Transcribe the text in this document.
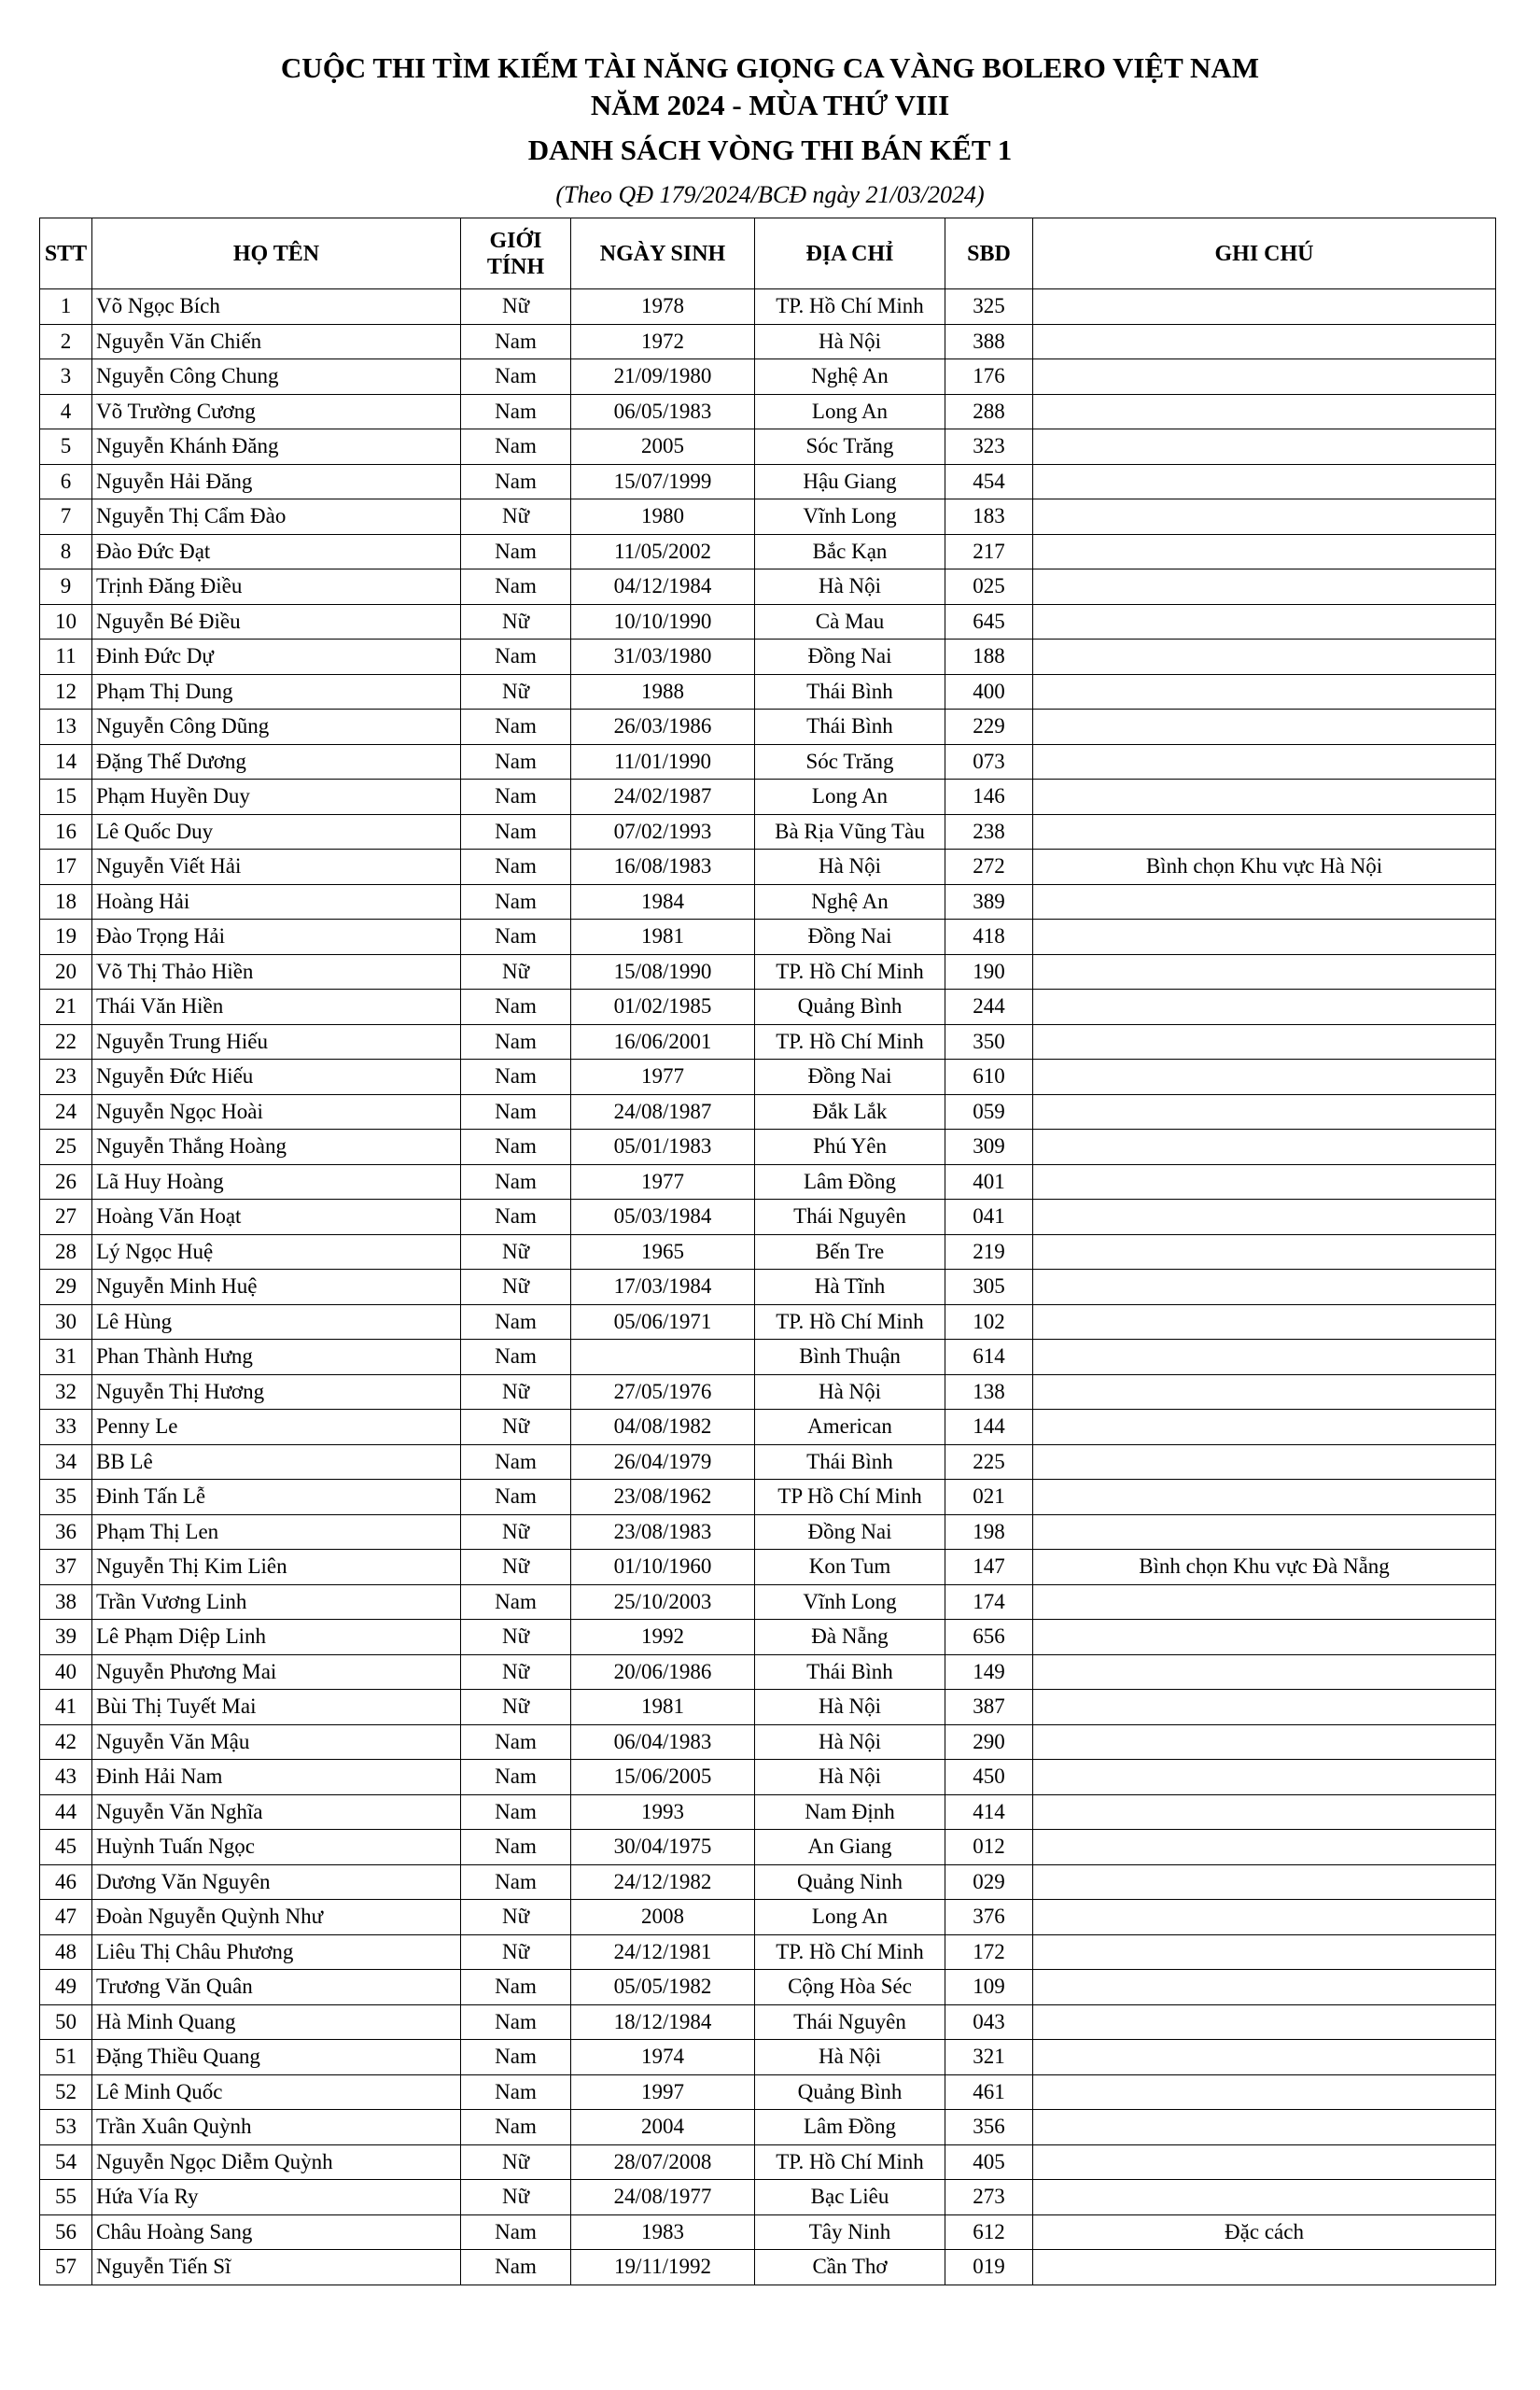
CUỘC THI TÌM KIẾM TÀI NĂNG GIỌNG CA VÀNG BOLERO VIỆT NAM
NĂM 2024 - MÙA THỨ VIII
DANH SÁCH VÒNG THI BÁN KẾT 1
(Theo QĐ 179/2024/BCĐ ngày 21/03/2024)
STT	HỌ TÊN	GIỚI TÍNH	NGÀY SINH	ĐỊA CHỈ	SBD	GHI CHÚ
1	Võ Ngọc Bích	Nữ	1978	TP. Hồ Chí Minh	325	
2	Nguyễn Văn Chiến	Nam	1972	Hà Nội	388	
3	Nguyễn Công Chung	Nam	21/09/1980	Nghệ An	176	
4	Võ Trường Cương	Nam	06/05/1983	Long An	288	
5	Nguyễn Khánh Đăng	Nam	2005	Sóc Trăng	323	
6	Nguyễn Hải Đăng	Nam	15/07/1999	Hậu Giang	454	
7	Nguyễn Thị Cẩm Đào	Nữ	1980	Vĩnh Long	183	
8	Đào Đức Đạt	Nam	11/05/2002	Bắc Kạn	217	
9	Trịnh Đăng Điều	Nam	04/12/1984	Hà Nội	025	
10	Nguyễn Bé Điều	Nữ	10/10/1990	Cà Mau	645	
11	Đinh Đức Dự	Nam	31/03/1980	Đồng Nai	188	
12	Phạm Thị Dung	Nữ	1988	Thái Bình	400	
13	Nguyễn Công Dũng	Nam	26/03/1986	Thái Bình	229	
14	Đặng Thế Dương	Nam	11/01/1990	Sóc Trăng	073	
15	Phạm Huyền Duy	Nam	24/02/1987	Long An	146	
16	Lê Quốc Duy	Nam	07/02/1993	Bà Rịa Vũng Tàu	238	
17	Nguyễn Viết Hải	Nam	16/08/1983	Hà Nội	272	Bình chọn Khu vực Hà Nội
18	Hoàng Hải	Nam	1984	Nghệ An	389	
19	Đào Trọng Hải	Nam	1981	Đồng Nai	418	
20	Võ Thị Thảo Hiền	Nữ	15/08/1990	TP. Hồ Chí Minh	190	
21	Thái Văn Hiền	Nam	01/02/1985	Quảng Bình	244	
22	Nguyễn Trung Hiếu	Nam	16/06/2001	TP. Hồ Chí Minh	350	
23	Nguyễn Đức Hiếu	Nam	1977	Đồng Nai	610	
24	Nguyễn Ngọc Hoài	Nam	24/08/1987	Đắk Lắk	059	
25	Nguyễn Thắng Hoàng	Nam	05/01/1983	Phú Yên	309	
26	Lã Huy Hoàng	Nam	1977	Lâm Đồng	401	
27	Hoàng Văn Hoạt	Nam	05/03/1984	Thái Nguyên	041	
28	Lý Ngọc Huệ	Nữ	1965	Bến Tre	219	
29	Nguyễn Minh Huệ	Nữ	17/03/1984	Hà Tĩnh	305	
30	Lê Hùng	Nam	05/06/1971	TP. Hồ Chí Minh	102	
31	Phan Thành Hưng	Nam		Bình Thuận	614	
32	Nguyễn Thị Hương	Nữ	27/05/1976	Hà Nội	138	
33	Penny Le	Nữ	04/08/1982	American	144	
34	BB Lê	Nam	26/04/1979	Thái Bình	225	
35	Đinh Tấn Lễ	Nam	23/08/1962	TP Hồ Chí Minh	021	
36	Phạm Thị Len	Nữ	23/08/1983	Đồng Nai	198	
37	Nguyễn Thị Kim Liên	Nữ	01/10/1960	Kon Tum	147	Bình chọn Khu vực Đà Nẵng
38	Trần Vương Linh	Nam	25/10/2003	Vĩnh Long	174	
39	Lê Phạm Diệp Linh	Nữ	1992	Đà Nẵng	656	
40	Nguyễn Phương Mai	Nữ	20/06/1986	Thái Bình	149	
41	Bùi Thị Tuyết Mai	Nữ	1981	Hà Nội	387	
42	Nguyễn Văn Mậu	Nam	06/04/1983	Hà Nội	290	
43	Đinh Hải Nam	Nam	15/06/2005	Hà Nội	450	
44	Nguyễn Văn Nghĩa	Nam	1993	Nam Định	414	
45	Huỳnh Tuấn Ngọc	Nam	30/04/1975	An Giang	012	
46	Dương Văn Nguyên	Nam	24/12/1982	Quảng Ninh	029	
47	Đoàn Nguyễn Quỳnh Như	Nữ	2008	Long An	376	
48	Liêu Thị Châu Phương	Nữ	24/12/1981	TP. Hồ Chí Minh	172	
49	Trương Văn Quân	Nam	05/05/1982	Cộng Hòa Séc	109	
50	Hà Minh Quang	Nam	18/12/1984	Thái Nguyên	043	
51	Đặng Thiều Quang	Nam	1974	Hà Nội	321	
52	Lê Minh Quốc	Nam	1997	Quảng Bình	461	
53	Trần Xuân Quỳnh	Nam	2004	Lâm Đồng	356	
54	Nguyễn Ngọc Diễm Quỳnh	Nữ	28/07/2008	TP. Hồ Chí Minh	405	
55	Hứa Vía Ry	Nữ	24/08/1977	Bạc Liêu	273	
56	Châu Hoàng Sang	Nam	1983	Tây Ninh	612	Đặc cách
57	Nguyễn Tiến Sĩ	Nam	19/11/1992	Cần Thơ	019	
